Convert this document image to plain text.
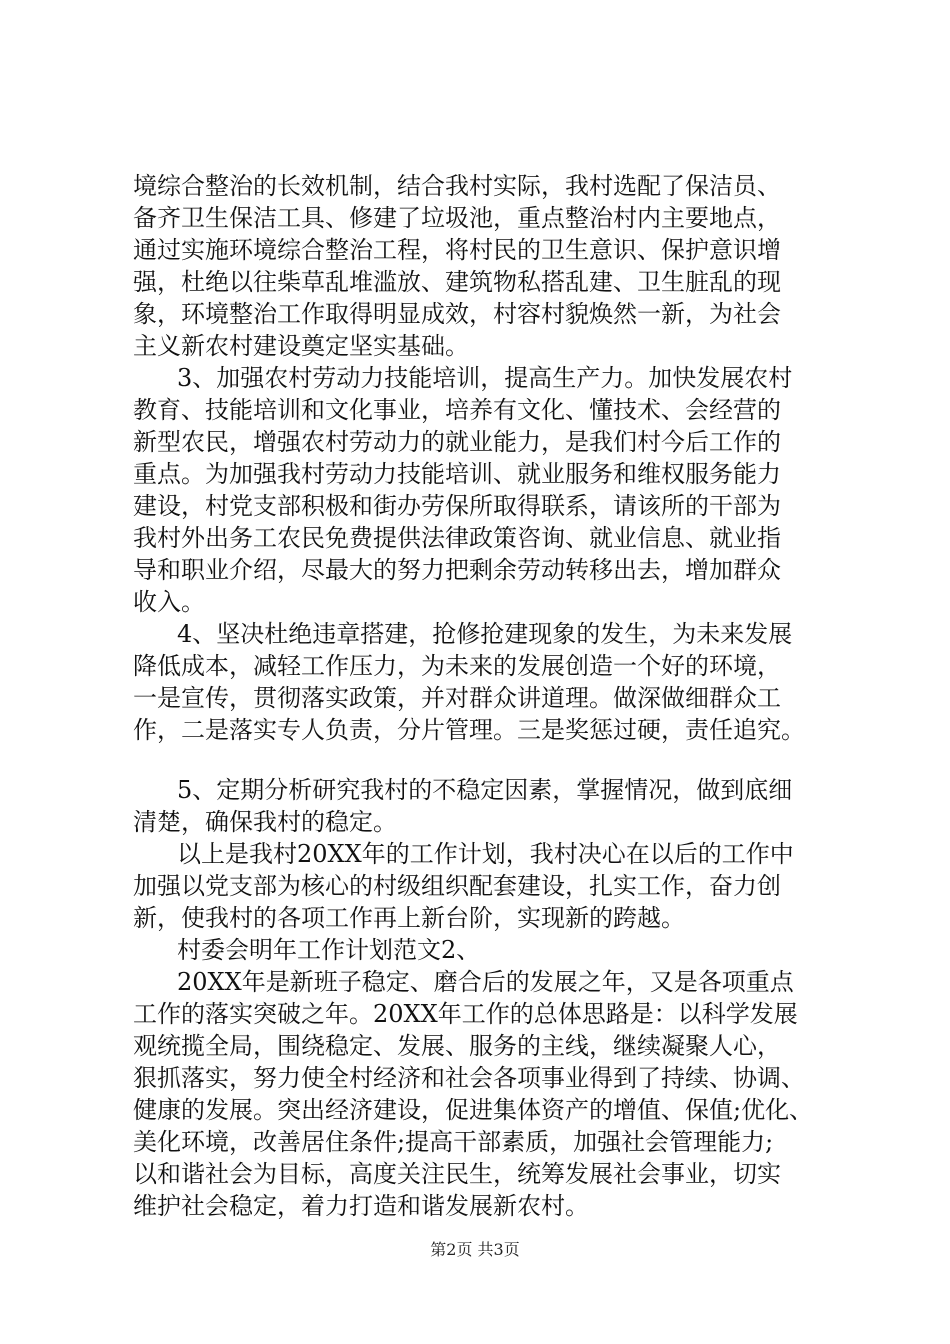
境综合整治的长效机制，结合我村实际，我村选配了保洁员、
备齐卫生保洁工具、修建了垃圾池，重点整治村内主要地点，
通过实施环境综合整治工程，将村民的卫生意识、保护意识增
强，杜绝以往柴草乱堆滥放、建筑物私搭乱建、卫生脏乱的现
象，环境整治工作取得明显成效，村容村貌焕然一新，为社会
主义新农村建设奠定坚实基础。
3、加强农村劳动力技能培训，提高生产力。加快发展农村
教育、技能培训和文化事业，培养有文化、懂技术、会经营的
新型农民，增强农村劳动力的就业能力，是我们村今后工作的
重点。为加强我村劳动力技能培训、就业服务和维权服务能力
建设，村党支部积极和街办劳保所取得联系，请该所的干部为
我村外出务工农民免费提供法律政策咨询、就业信息、就业指
导和职业介绍，尽最大的努力把剩余劳动转移出去，增加群众
收入。
4、坚决杜绝违章搭建，抢修抢建现象的发生，为未来发展
降低成本，减轻工作压力，为未来的发展创造一个好的环境，
一是宣传，贯彻落实政策，并对群众讲道理。做深做细群众工
作，二是落实专人负责，分片管理。三是奖惩过硬，责任追究。
5、定期分析研究我村的不稳定因素，掌握情况，做到底细
清楚，确保我村的稳定。
以上是我村20XX年的工作计划，我村决心在以后的工作中
加强以党支部为核心的村级组织配套建设，扎实工作，奋力创
新，使我村的各项工作再上新台阶，实现新的跨越。
村委会明年工作计划范文2、
20XX年是新班子稳定、磨合后的发展之年，又是各项重点
工作的落实突破之年。20XX年工作的总体思路是：以科学发展
观统揽全局，围绕稳定、发展、服务的主线，继续凝聚人心，
狠抓落实，努力使全村经济和社会各项事业得到了持续、协调、
健康的发展。突出经济建设，促进集体资产的增值、保值;优化、
美化环境，改善居住条件;提高干部素质，加强社会管理能力;
以和谐社会为目标，高度关注民生，统筹发展社会事业，切实
维护社会稳定，着力打造和谐发展新农村。
第2页 共3页
